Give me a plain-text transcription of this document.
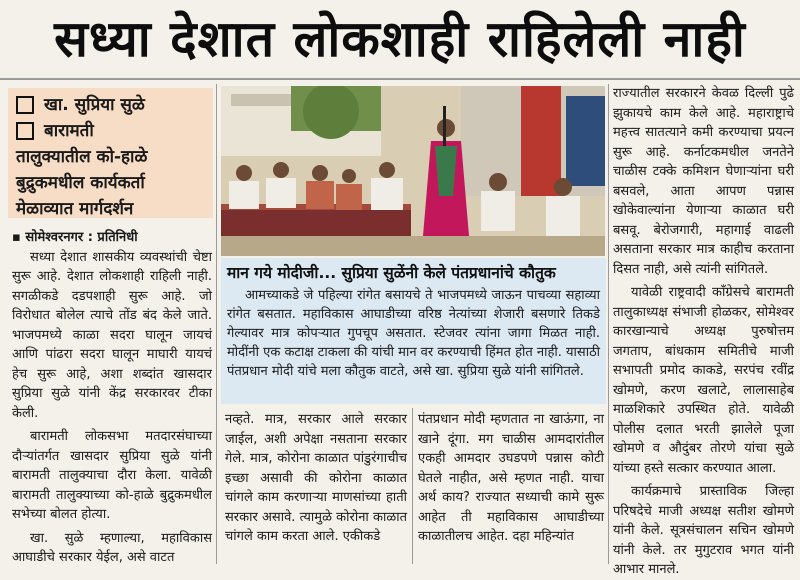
सध्या देशात लोकशाही राहिलेली नाही
खा. सुप्रिया सुळे
बारामती
तालुक्यातील को-हाळे बुद्रुकमधील कार्यकर्ता मेळाव्यात मार्गदर्शन

▪ सोमेश्वरनगर : प्रतिनिधी

सध्या देशात शासकीय व्यवस्थांची चेष्टा सुरू आहे. देशात लोकशाही राहिली नाही. सगळीकडे दडपशाही सुरू आहे. जो विरोधात बोलेल त्याचे तोंड बंद केले जाते. भाजपमध्ये काळा सदरा घालून जायचं आणि पांढरा सदरा घालून माघारी यायचं हेच सुरू आहे, अशा शब्दांत खासदार सुप्रिया सुळे यांनी केंद्र सरकारवर टीका केली.

बारामती लोकसभा मतदारसंघाच्या दौऱ्यांतर्गत खासदार सुप्रिया सुळे यांनी बारामती तालुक्याचा दौरा केला. यावेळी बारामती तालुक्याच्या को-हाळे बुद्रुकमधील सभेच्या बोलत होत्या.

खा. सुळे म्हणाल्या, महाविकास आघाडीचे सरकार येईल, असे वाटत

मान गये मोदीजी... सुप्रिया सुळेंनी केले पंतप्रधानांचे कौतुक
आमच्याकडे जे पहिल्या रांगेत बसायचे ते भाजपमध्ये जाऊन पाचव्या सहाव्या रांगेत बसतात. महाविकास आघाडीच्या वरिष्ठ नेत्यांच्या शेजारी बसणारे तिकडे गेल्यावर मात्र कोपऱ्यात गुपचूप असतात. स्टेजवर त्यांना जागा मिळत नाही. मोदींनी एक कटाक्ष टाकला की यांची मान वर करण्याची हिंमत होत नाही. यासाठी पंतप्रधान मोदी यांचे मला कौतुक वाटते, असे खा. सुप्रिया सुळे यांनी सांगितले.

नव्हते. मात्र, सरकार आले सरकार जाईल, अशी अपेक्षा नसताना सरकार गेले. मात्र, कोरोना काळात पांडुरंगाचीच इच्छा असावी की कोरोना काळात चांगले काम करणाऱ्या माणसांच्या हाती सरकार असावे. त्यामुळे कोरोना काळात चांगले काम करता आले. एकीकडे

पंतप्रधान मोदी म्हणतात ना खाऊंगा, ना खाने दूंगा. मग चाळीस आमदारांतील एकही आमदार उघडपणे पन्नास कोटी घेतले नाहीत, असे म्हणत नाही. याचा अर्थ काय? राज्यात सध्याची कामे सुरू आहेत ती महाविकास आघाडीच्या काळातीलच आहेत. दहा महिन्यांत

राज्यातील सरकारने केवळ दिल्ली पुढे झुकायचे काम केले आहे. महाराष्ट्राचे महत्त्व सातत्याने कमी करण्याचा प्रयत्न सुरू आहे. कर्नाटकमधील जनतेने चाळीस टक्के कमिशन घेणाऱ्यांना घरी बसवले, आता आपण पन्नास खोकेवाल्यांना येणाऱ्या काळात घरी बसवू. बेरोजगारी, महागाई वाढली असताना सरकार मात्र काहीच करताना दिसत नाही, असे त्यांनी सांगितले.

यावेळी राष्ट्रवादी काँग्रेसचे बारामती तालुकाध्यक्ष संभाजी होळकर, सोमेश्वर कारखान्याचे अध्यक्ष पुरुषोत्तम जगताप, बांधकाम समितीचे माजी सभापती प्रमोद काकडे, सरपंच रवींद्र खोमणे, करण खलाटे, लालासाहेब माळशिकारे उपस्थित होते. यावेळी पोलीस दलात भरती झालेले पूजा खोमणे व औदुंबर तोरणे यांचा सुळे यांच्या हस्ते सत्कार करण्यात आला.

कार्यक्रमाचे प्रास्ताविक जिल्हा परिषदेचे माजी अध्यक्ष सतीश खोमणे यांनी केले. सूत्रसंचालन सचिन खोमणे यांनी केले. तर मुगुटराव भगत यांनी आभार मानले.
